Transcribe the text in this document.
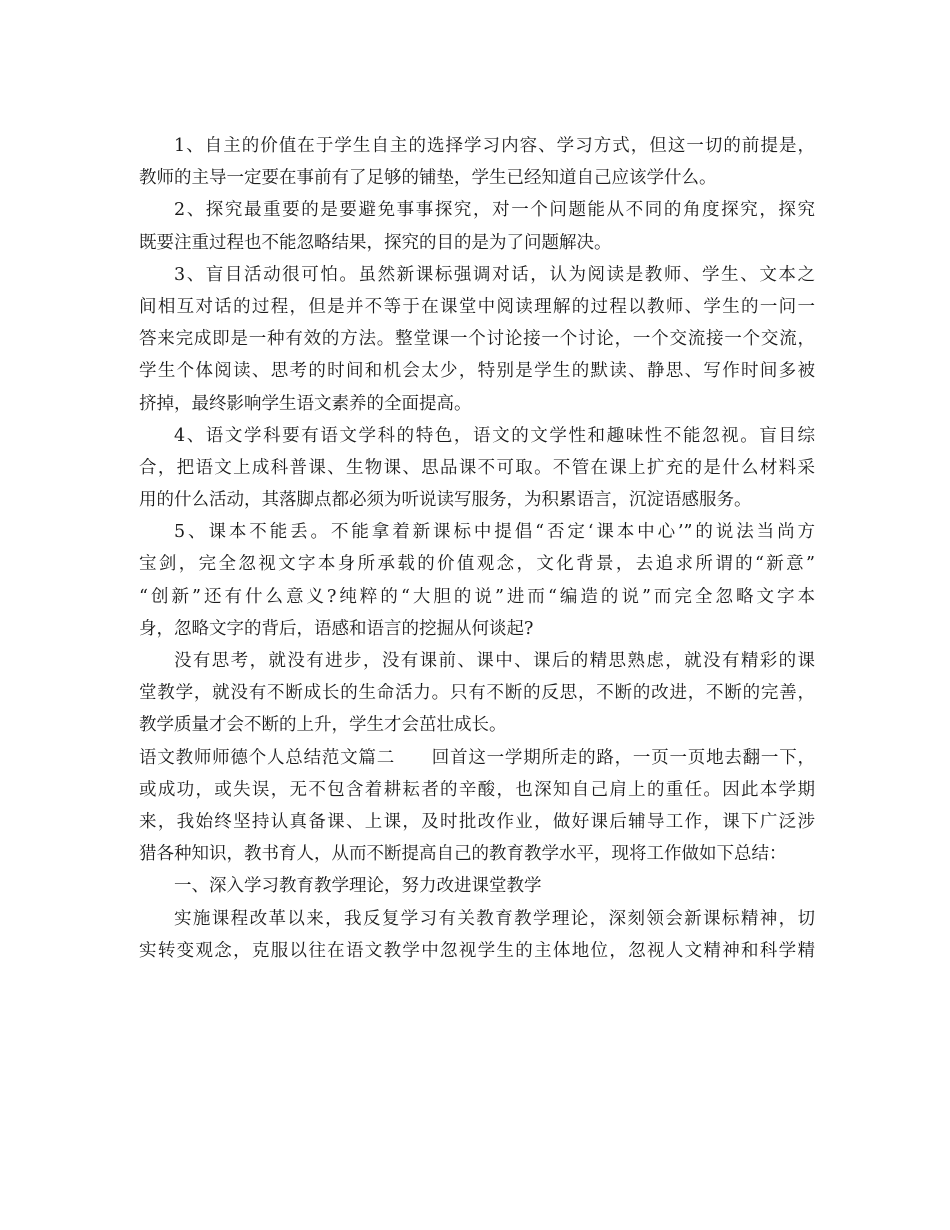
1、自主的价值在于学生自主的选择学习内容、学习方式，但这一切的前提是，
教师的主导一定要在事前有了足够的铺垫，学生已经知道自己应该学什么。
2、探究最重要的是要避免事事探究，对一个问题能从不同的角度探究，探究
既要注重过程也不能忽略结果，探究的目的是为了问题解决。
3、盲目活动很可怕。虽然新课标强调对话，认为阅读是教师、学生、文本之
间相互对话的过程，但是并不等于在课堂中阅读理解的过程以教师、学生的一问一
答来完成即是一种有效的方法。整堂课一个讨论接一个讨论，一个交流接一个交流，
学生个体阅读、思考的时间和机会太少，特别是学生的默读、静思、写作时间多被
挤掉，最终影响学生语文素养的全面提高。
4、语文学科要有语文学科的特色，语文的文学性和趣味性不能忽视。盲目综
合，把语文上成科普课、生物课、思品课不可取。不管在课上扩充的是什么材料采
用的什么活动，其落脚点都必须为听说读写服务，为积累语言，沉淀语感服务。
5、课本不能丢。不能拿着新课标中提倡“否定‘课本中心’”的说法当尚方
宝剑，完全忽视文字本身所承载的价值观念，文化背景，去追求所谓的“新意”
“创新”还有什么意义?纯粹的“大胆的说”进而“编造的说”而完全忽略文字本
身，忽略文字的背后，语感和语言的挖掘从何谈起?
没有思考，就没有进步，没有课前、课中、课后的精思熟虑，就没有精彩的课
堂教学，就没有不断成长的生命活力。只有不断的反思，不断的改进，不断的完善，
教学质量才会不断的上升，学生才会茁壮成长。
语文教师师德个人总结范文篇二 回首这一学期所走的路，一页一页地去翻一下，
或成功，或失误，无不包含着耕耘者的辛酸，也深知自己肩上的重任。因此本学期
来，我始终坚持认真备课、上课，及时批改作业，做好课后辅导工作，课下广泛涉
猎各种知识，教书育人，从而不断提高自己的教育教学水平，现将工作做如下总结：
一、深入学习教育教学理论，努力改进课堂教学
实施课程改革以来，我反复学习有关教育教学理论，深刻领会新课标精神，切
实转变观念，克服以往在语文教学中忽视学生的主体地位，忽视人文精神和科学精
